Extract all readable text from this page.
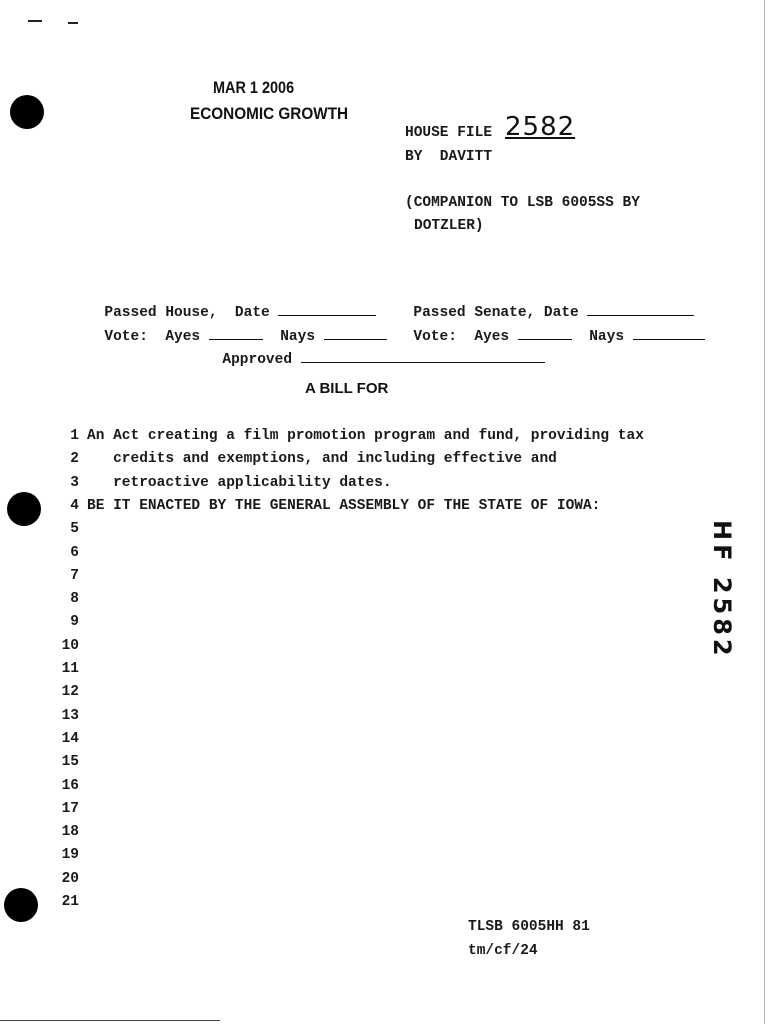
MAR 1 2006
ECONOMIC GROWTH
HOUSE FILE 2582
BY  DAVITT
(COMPANION TO LSB 6005SS BY
DOTZLER)

Passed House,  Date

Vote:  Ayes	Nays

Passed Senate, Date

Vote:  Ayes	Nays

Approved

A BILL FOR
1 An Act creating a film promotion program and fund, providing tax
2 credits and exemptions, and including effective and
3 retroactive applicability dates.
4 BE IT ENACTED BY THE GENERAL ASSEMBLY OF THE STATE OF IOWA:
5
6
7
8
9
10
11
12
13
14
15
16
17
18
19
20
21
TLSB 6005HH 81
tm/cf/24
HF 2582
